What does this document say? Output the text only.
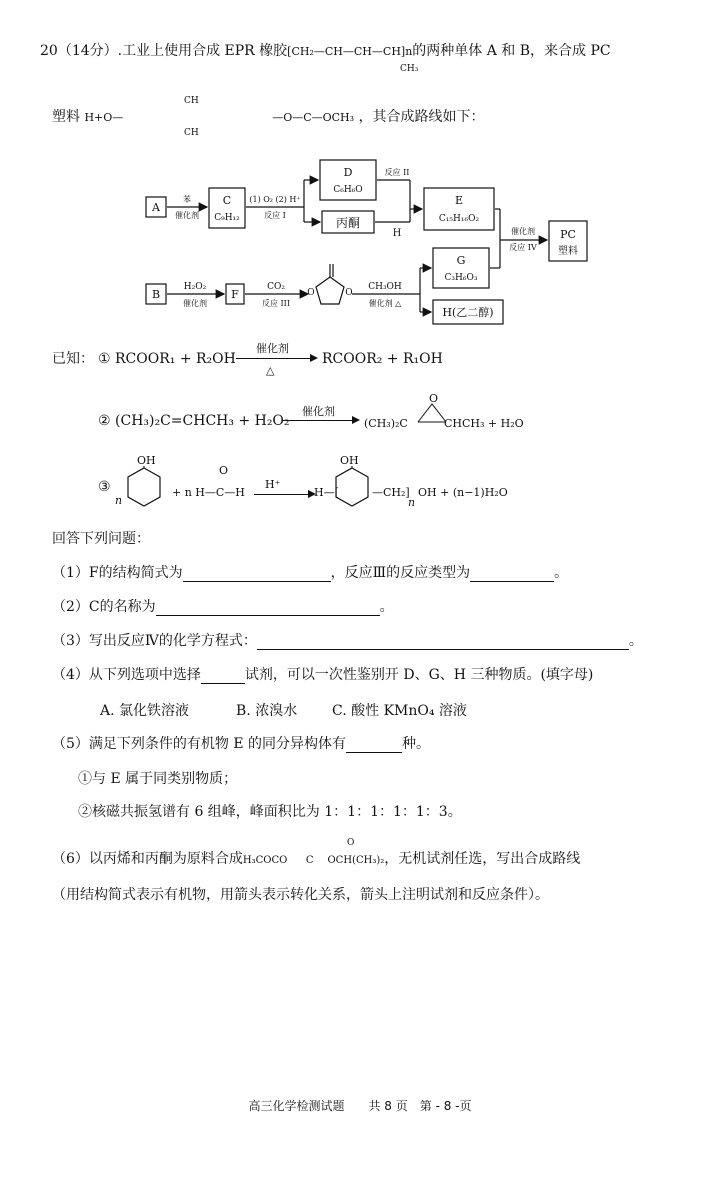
20（14分）.工业上使用合成 EPR 橡胶[CH₂—CH—CH—CH]n的两种单体 A 和 B，来合成 PC
CH₃
塑料 H+O—	—O—C—OCH₃ ，其合成路线如下：
CH
CH
A
苯
催化剂
C
C₉H₁₂
(1) O₂ (2) H⁺
反应 I
D
C₆H₆O
丙酮
反应 II
H
E
C₁₅H₁₆O₂
催化剂
反应 IV
PC
塑料
B
H₂O₂
催化剂
F
CO₂
反应 III
O	O
CH₃OH
催化剂 △
G
C₃H₆O₃
H(乙二醇)
已知： ① RCOOR₁ + R₂OH
催化剂
△
RCOOR₂ + R₁OH
② (CH₃)₂C=CHCH₃ + H₂O₂
催化剂
(CH₃)₂C	CHCH₃ + H₂O
O
③
n
OH
+ n H—C—H
O
H⁺
H—[
OH
—CH₂]
n
OH + (n−1)H₂O
回答下列问题：
（1）F的结构简式为	，反应Ⅲ的反应类型为	。
（2）C的名称为	。
（3）写出反应Ⅳ的化学方程式：	。
（4）从下列选项中选择	试剂，可以一次性鉴别开 D、G、H 三种物质。(填字母)
A. 氯化铁溶液	B. 浓溴水 C. 酸性 KMnO₄ 溶液
（5）满足下列条件的有机物 E 的同分异构体有	种。
①与 E 属于同类别物质；
②核磁共振氢谱有 6 组峰，峰面积比为 1：1：1：1：1：3。
（6）以丙烯和丙酮为原料合成H₃COCO C OCH(CH₃)₂，无机试剂任选，写出合成路线
O
（用结构简式表示有机物，用箭头表示转化关系，箭头上注明试剂和反应条件）。
高三化学检测试题　　共 8 页　第 - 8 -页
